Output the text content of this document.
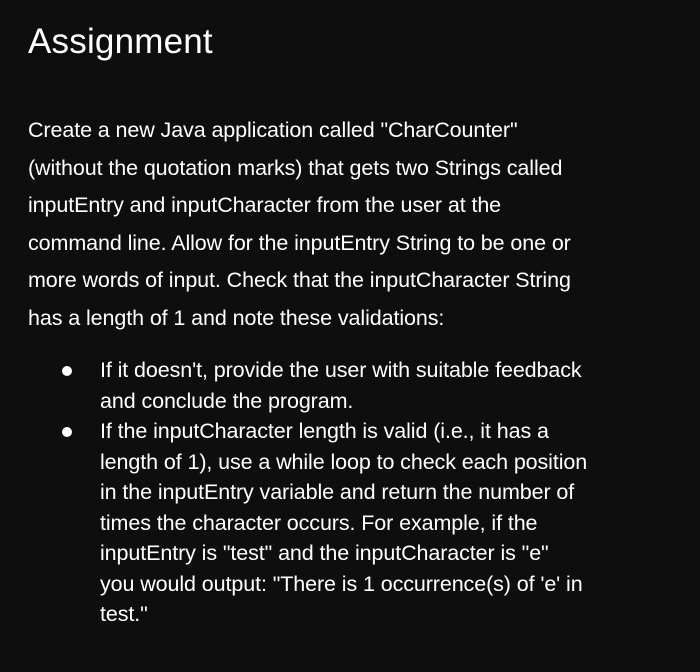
Assignment

Create a new Java application called "CharCounter"
(without the quotation marks) that gets two Strings called
inputEntry and inputCharacter from the user at the
command line. Allow for the inputEntry String to be one or
more words of input. Check that the inputCharacter String
has a length of 1 and note these validations:

If it doesn't, provide the user with suitable feedback
and conclude the program.
If the inputCharacter length is valid (i.e., it has a
length of 1), use a while loop to check each position
in the inputEntry variable and return the number of
times the character occurs. For example, if the
inputEntry is "test" and the inputCharacter is "e"
you would output: "There is 1 occurrence(s) of 'e' in
test."
